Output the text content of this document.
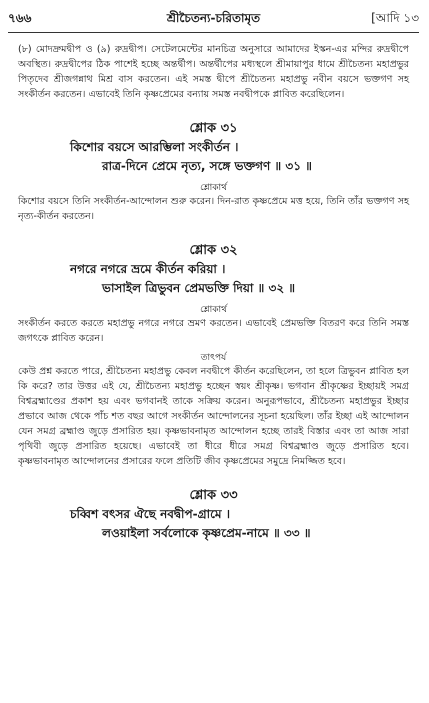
৭৬৬	শ্রীচৈতন্য-চরিতামৃত	[আদি ১৩

(৮) মোদদ্রুমদ্বীপ ও (৯) রুদ্রদ্বীপ। সেটেলমেন্টের মানচিত্র অনুসারে আমাদের ইস্কন-এর মন্দির রুদ্রদ্বীপে অবস্থিত। রুদ্রদ্বীপের ঠিক পাশেই হচ্ছে অন্তর্দ্বীপ। অন্তর্দ্বীপের মধ্যস্থলে শ্রীমায়াপুর ধামে শ্রীচৈতন্য মহাপ্রভুর পিতৃদেব শ্রীজগন্নাথ মিশ্র বাস করতেন। এই সমস্ত দ্বীপে শ্রীচৈতন্য মহাপ্রভু নবীন বয়সে ভক্তগণ সহ সংকীর্তন করতেন। এভাবেই তিনি কৃষ্ণপ্রেমের বন্যায় সমস্ত নবদ্বীপকে প্লাবিত করেছিলেন।

শ্লোক ৩১

কিশোর বয়সে আরম্ভিলা সংকীর্তন ।

রাত্র-দিনে প্রেমে নৃত্য, সঙ্গে ভক্তগণ ॥ ৩১ ॥

শ্লোকার্থ

কিশোর বয়সে তিনি সংকীর্তন-আন্দোলন শুরু করেন। দিন-রাত কৃষ্ণপ্রেমে মত্ত হয়ে, তিনি তাঁর ভক্তগণ সহ নৃত্য-কীর্তন করতেন।

শ্লোক ৩২

নগরে নগরে ভ্রমে কীর্তন করিয়া ।

ভাসাইল ত্রিভুবন প্রেমভক্তি দিয়া ॥ ৩২ ॥

শ্লোকার্থ

সংকীর্তন করতে করতে মহাপ্রভু নগরে নগরে ভ্রমণ করতেন। এভাবেই প্রেমভক্তি বিতরণ করে তিনি সমস্ত জগৎকে প্লাবিত করেন।

তাৎপর্য

কেউ প্রশ্ন করতে পারে, শ্রীচৈতন্য মহাপ্রভু কেবল নবদ্বীপে কীর্তন করেছিলেন, তা হলে ত্রিভুবন প্লাবিত হল কি করে? তার উত্তর এই যে, শ্রীচৈতন্য মহাপ্রভু হচ্ছেন স্বয়ং শ্রীকৃষ্ণ। ভগবান শ্রীকৃষ্ণের ইচ্ছায়ই সমগ্র বিশ্বব্রহ্মাণ্ডের প্রকাশ হয় এবং ভগবানই তাকে সক্রিয় করেন। অনুরূপভাবে, শ্রীচৈতন্য মহাপ্রভুর ইচ্ছার প্রভাবে আজ থেকে পাঁচ শত বছর আগে সংকীর্তন আন্দোলনের সূচনা হয়েছিল। তাঁর ইচ্ছা এই আন্দোলন যেন সমগ্র ব্রহ্মাণ্ড জুড়ে প্রসারিত হয়। কৃষ্ণভাবনামৃত আন্দোলন হচ্ছে তারই বিস্তার এবং তা আজ সারা পৃথিবী জুড়ে প্রসারিত হয়েছে। এভাবেই তা ধীরে ধীরে সমগ্র বিশ্বব্রহ্মাণ্ড জুড়ে প্রসারিত হবে। কৃষ্ণভাবনামৃত আন্দোলনের প্রসারের ফলে প্রতিটি জীব কৃষ্ণপ্রেমের সমুদ্রে নিমজ্জিত হবে।

শ্লোক ৩৩

চব্বিশ বৎসর ঐছে নবদ্বীপ-গ্রামে ।

লওয়াইলা সর্বলোকে কৃষ্ণপ্রেম-নামে ॥ ৩৩ ॥
